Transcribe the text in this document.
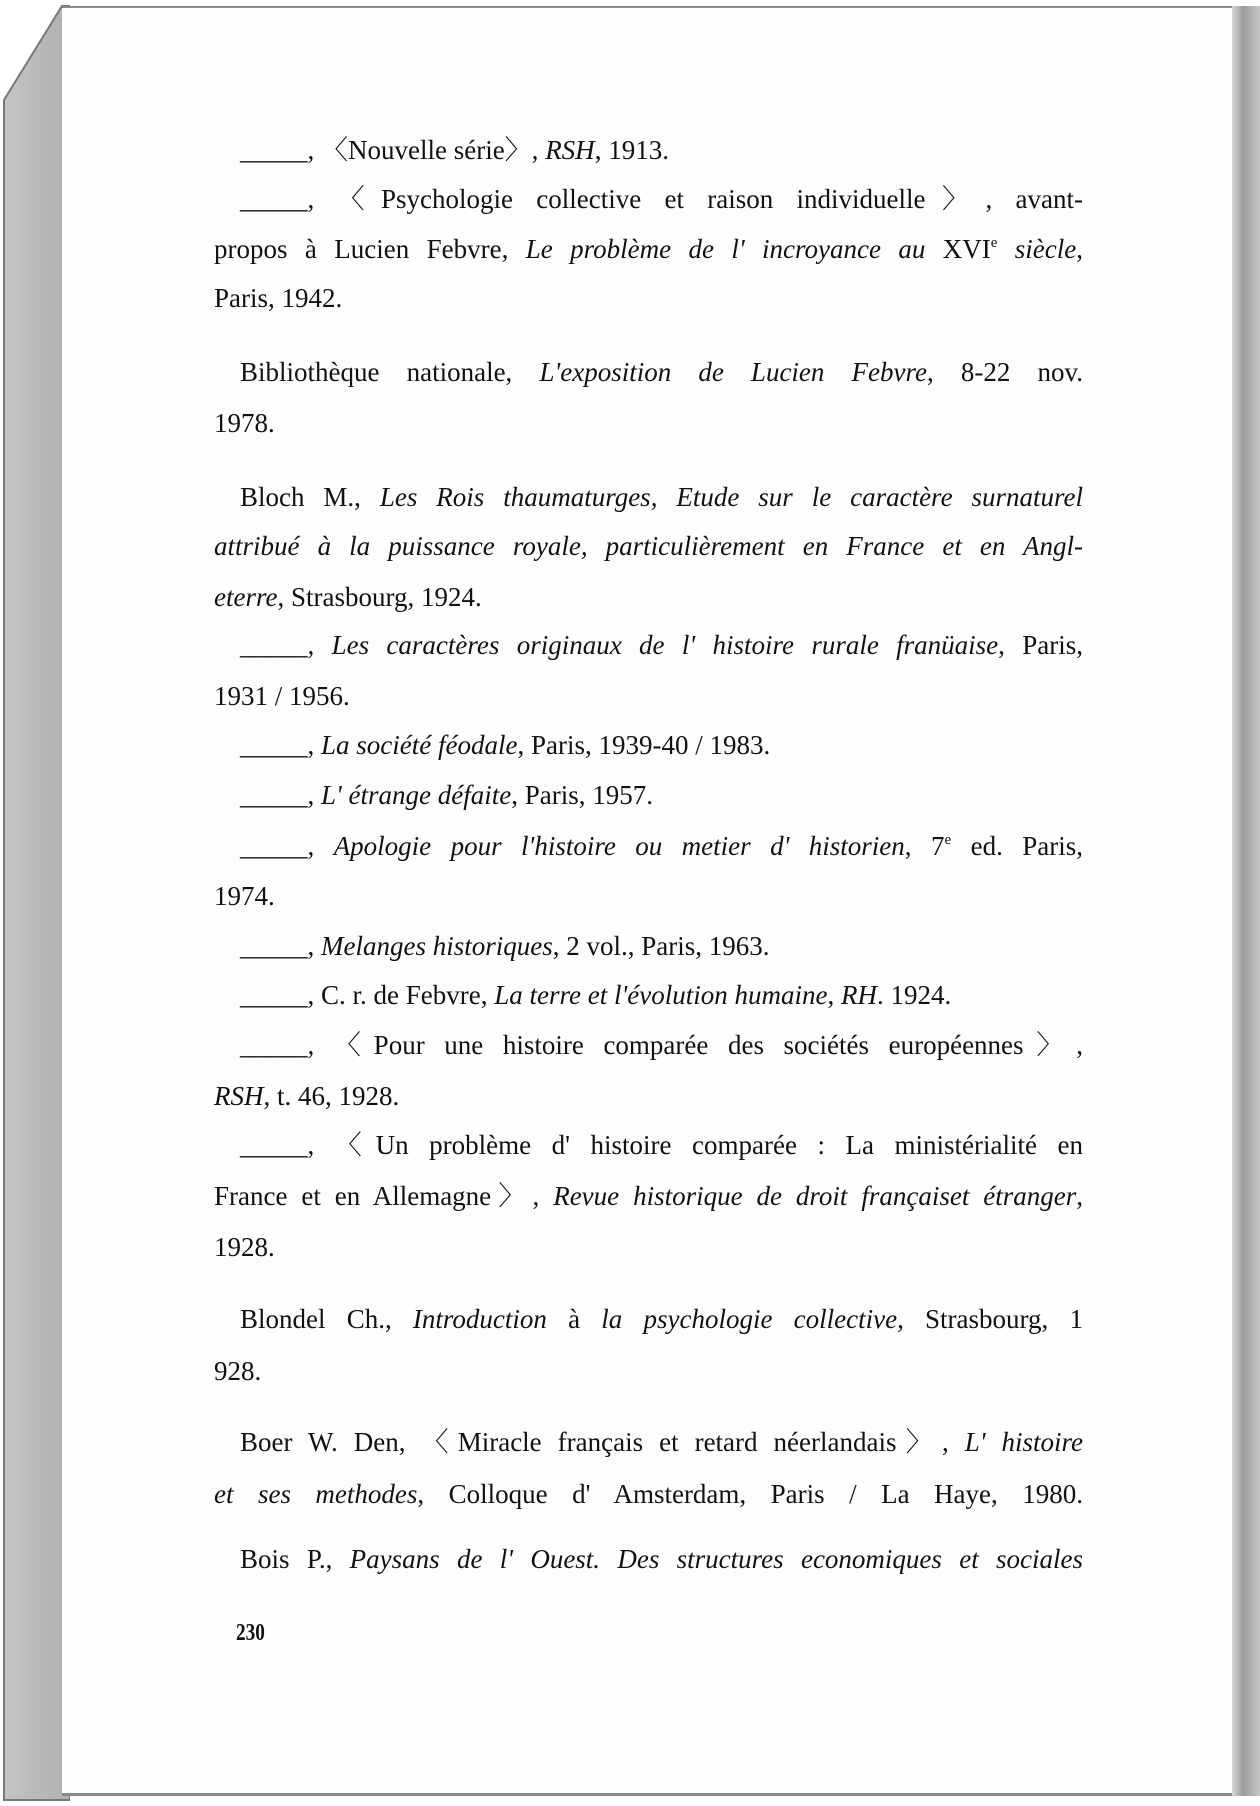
_____, 〈Nouvelle série〉, RSH, 1913.
_____, 〈Psychologie collective et raison individuelle〉, avant-
propos à Lucien Febvre, Le problème de l' incroyance au XVIe siècle,
Paris, 1942.
Bibliothèque nationale, L'exposition de Lucien Febvre, 8-22 nov.
1978.
Bloch M., Les Rois thaumaturges, Etude sur le caractère surnaturel
attribué à la puissance royale, particulièrement en France et en Angl-
eterre, Strasbourg, 1924.
_____, Les caractères originaux de l' histoire rurale franüaise, Paris,
1931 / 1956.
_____, La société féodale, Paris, 1939-40 / 1983.
_____, L' étrange défaite, Paris, 1957.
_____, Apologie pour l'histoire ou metier d' historien, 7e ed. Paris,
1974.
_____, Melanges historiques, 2 vol., Paris, 1963.
_____, C. r. de Febvre, La terre et l'évolution humaine, RH. 1924.
_____, 〈Pour une histoire comparée des sociétés européennes〉,
RSH, t. 46, 1928.
_____, 〈Un problème d' histoire comparée : La ministérialité en
France et en Allemagne〉, Revue historique de droit françaiset étranger,
1928.
Blondel Ch., Introduction à la psychologie collective, Strasbourg, 1
928.
Boer W. Den, 〈Miracle français et retard néerlandais〉, L' histoire
et ses methodes, Colloque d' Amsterdam, Paris / La Haye, 1980.
Bois P., Paysans de l' Ouest. Des structures economiques et sociales
230
